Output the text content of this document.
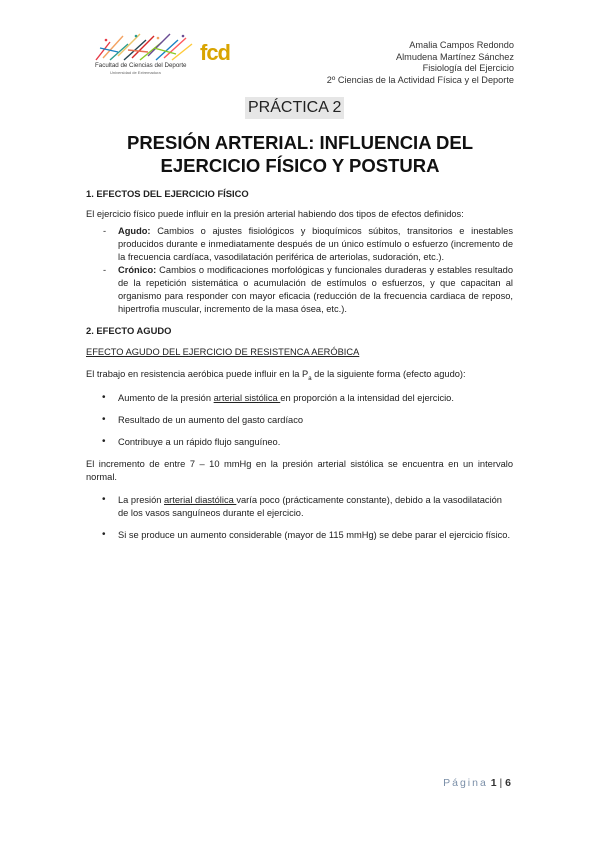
fcd
Facultad de Ciencias del Deporte
Universidad de Extremadura
Amalia Campos Redondo
Almudena Martínez Sánchez
Fisiología del Ejercicio
2º Ciencias de la Actividad Física y el Deporte
PRÁCTICA 2
PRESIÓN ARTERIAL: INFLUENCIA DEL
EJERCICIO FÍSICO Y POSTURA

1. EFECTOS DEL EJERCICIO FÍSICO

El ejercicio físico puede influir en la presión arterial habiendo dos tipos de efectos definidos:

- Agudo: Cambios o ajustes fisiológicos y bioquímicos súbitos, transitorios e inestables producidos durante e inmediatamente después de un único estímulo o esfuerzo (incremento de la frecuencia cardíaca, vasodilatación periférica de arteriolas, sudoración, etc.).
- Crónico: Cambios o modificaciones morfológicas y funcionales duraderas y estables resultado de la repetición sistemática o acumulación de estímulos o esfuerzos, y que capacitan al organismo para responder con mayor eficacia (reducción de la frecuencia cardiaca de reposo, hipertrofia muscular, incremento de la masa ósea, etc.).

2. EFECTO AGUDO

EFECTO AGUDO DEL EJERCICIO DE RESISTENCA AERÓBICA

El trabajo en resistencia aeróbica puede influir en la $P_a$ de la siguiente forma (efecto agudo):

• Aumento de la presión arterial sistólica en proporción a la intensidad del ejercicio.
• Resultado de un aumento del gasto cardíaco
• Contribuye a un rápido flujo sanguíneo.

El incremento de entre 7 – 10 mmHg en la presión arterial sistólica se encuentra en un intervalo normal.

• La presión arterial diastólica varía poco (prácticamente constante), debido a la vasodilatación de los vasos sanguíneos durante el ejercicio.
• Si se produce un aumento considerable (mayor de 115 mmHg) se debe parar el ejercicio físico.
Página 1 | 6
